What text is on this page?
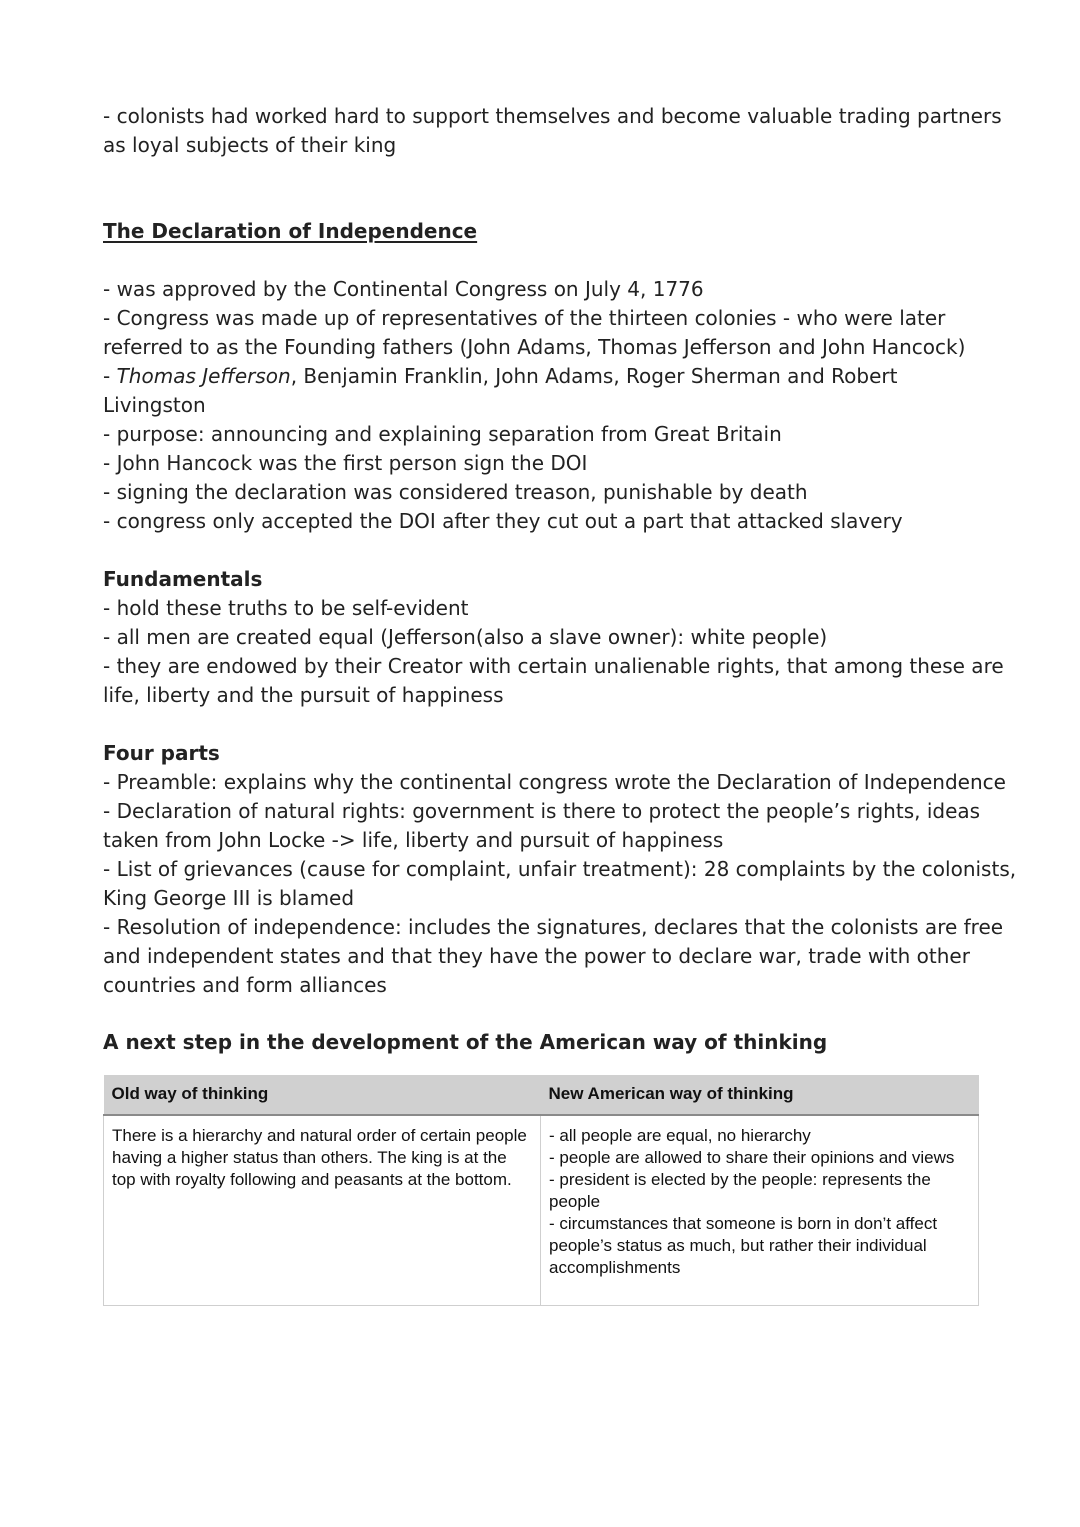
- colonists had worked hard to support themselves and become valuable trading partners
as loyal subjects of their king
The Declaration of Independence
- was approved by the Continental Congress on July 4, 1776
- Congress was made up of representatives of the thirteen colonies - who were later
referred to as the Founding fathers (John Adams, Thomas Jefferson and John Hancock)
- Thomas Jefferson, Benjamin Franklin, John Adams, Roger Sherman and Robert
Livingston
- purpose: announcing and explaining separation from Great Britain
- John Hancock was the first person sign the DOI
- signing the declaration was considered treason, punishable by death
- congress only accepted the DOI after they cut out a part that attacked slavery
Fundamentals
- hold these truths to be self-evident
- all men are created equal (Jefferson(also a slave owner): white people)
- they are endowed by their Creator with certain unalienable rights, that among these are
life, liberty and the pursuit of happiness
Four parts
- Preamble: explains why the continental congress wrote the Declaration of Independence
- Declaration of natural rights: government is there to protect the people’s rights, ideas
taken from John Locke -> life, liberty and pursuit of happiness
- List of grievances (cause for complaint, unfair treatment): 28 complaints by the colonists,
King George III is blamed
- Resolution of independence: includes the signatures, declares that the colonists are free
and independent states and that they have the power to declare war, trade with other
countries and form alliances
A next step in the development of the American way of thinking
Old way of thinking	New American way of thinking

There is a hierarchy and natural order of certain people having a higher status than others. The king is at the top with royalty following and peasants at the bottom.	- all people are equal, no hierarchy
- people are allowed to share their opinions and views
- president is elected by the people: represents the people
- circumstances that someone is born in don’t affect people’s status as much, but rather their individual accomplishments
